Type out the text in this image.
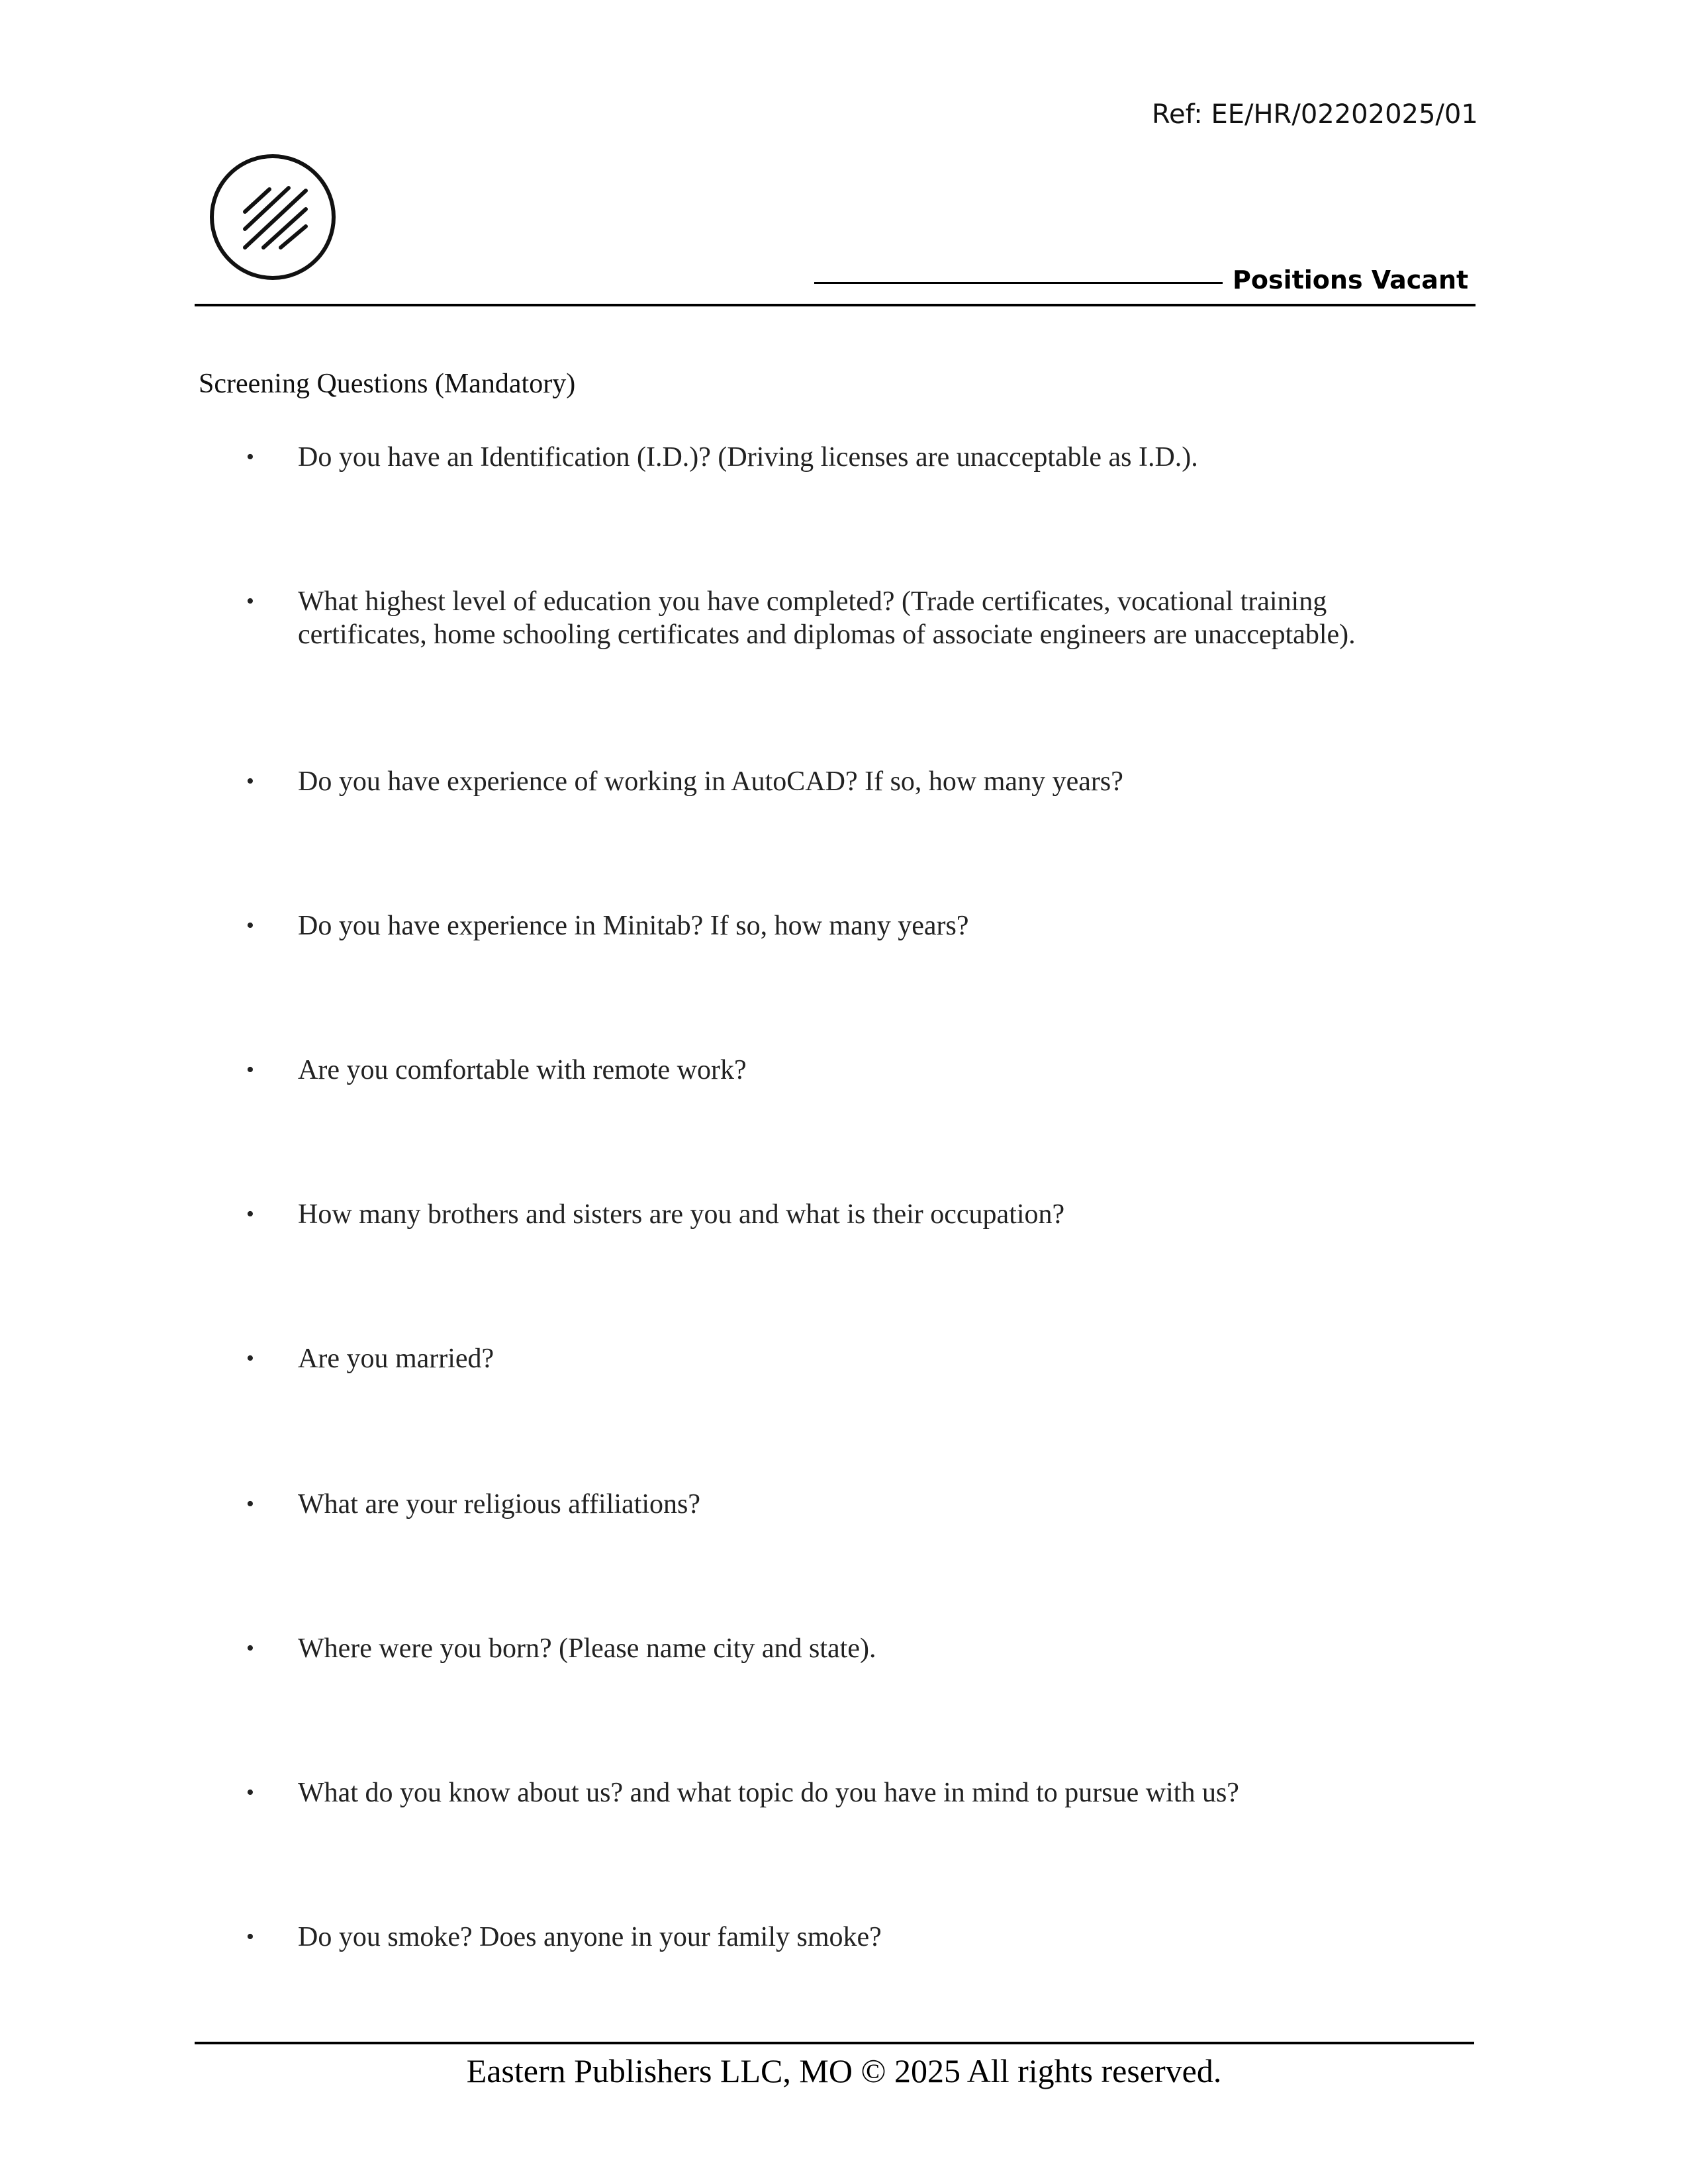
Ref: EE/HR/02202025/01
Positions Vacant
Screening Questions (Mandatory)
• Do you have an Identification (I.D.)? (Driving licenses are unacceptable as I.D.).
• What highest level of education you have completed? (Trade certificates, vocational training certificates, home schooling certificates and diplomas of associate engineers are unacceptable).
• Do you have experience of working in AutoCAD? If so, how many years?
• Do you have experience in Minitab? If so, how many years?
• Are you comfortable with remote work?
• How many brothers and sisters are you and what is their occupation?
• Are you married?
• What are your religious affiliations?
• Where were you born? (Please name city and state).
• What do you know about us? and what topic do you have in mind to pursue with us?
• Do you smoke? Does anyone in your family smoke?
Eastern Publishers LLC, MO © 2025 All rights reserved.
